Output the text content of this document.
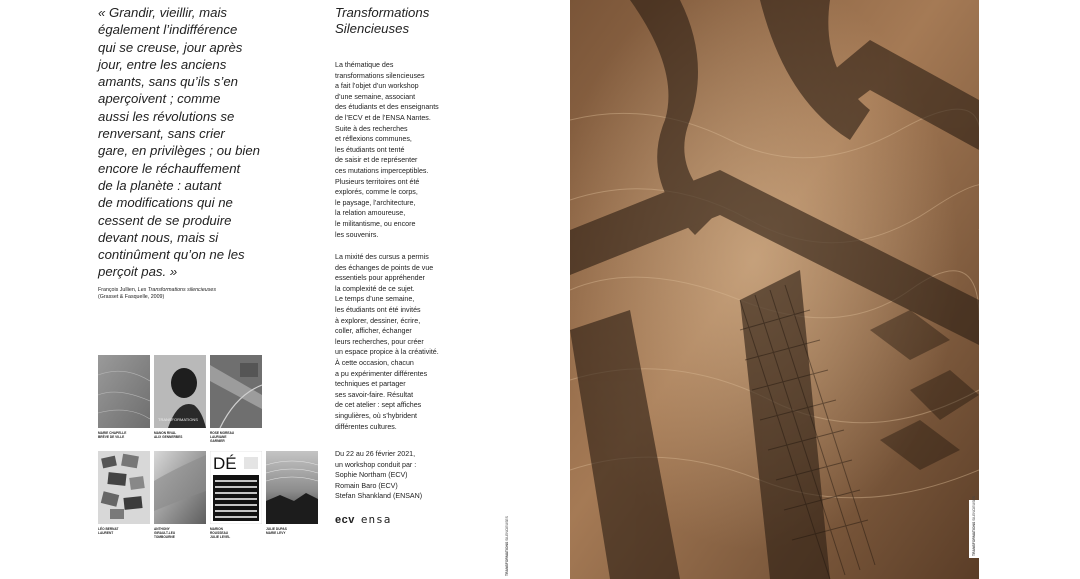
« Grandir, vieillir, mais
également l’indifférence
qui se creuse, jour après
jour, entre les anciens
amants, sans qu’ils s’en
aperçoivent ; comme
aussi les révolutions se
renversant, sans crier
gare, en privilèges ; ou bien
encore le réchauffement
de la planète : autant
de modifications qui ne
cessent de se produire
devant nous, mais si
continûment qu’on ne les
perçoit pas. »
François Jullien, Les Transformations silencieuses
(Grasset & Fasquelle, 2009)
Transformations
Silencieuses
La thématique des
transformations silencieuses
a fait l’objet d’un workshop
d’une semaine, associant
des étudiants et des enseignants
de l’ECV et de l’ENSA Nantes.
Suite à des recherches
et réflexions communes,
les étudiants ont tenté
de saisir et de représenter
ces mutations imperceptibles.
Plusieurs territoires ont été
explorés, comme le corps,
le paysage, l’architecture,
la relation amoureuse,
le militantisme, ou encore
les souvenirs.
La mixité des cursus a permis
des échanges de points de vue
essentiels pour appréhender
la complexité de ce sujet.
Le temps d’une semaine,
les étudiants ont été invités
à explorer, dessiner, écrire,
coller, afficher, échanger
leurs recherches, pour créer
un espace propice à la créativité.
À cette occasion, chacun
a pu expérimenter différentes
techniques et partager
ses savoir-faire. Résultat
de cet atelier : sept affiches
singulières, où s’hybrident
différentes cultures.
Du 22 au 26 février 2021,
un workshop conduit par :
Sophie Northam (ECV)
Romain Baro (ECV)
Stefan Shankland (ENSAN)
ecv ensa
TRANSFORMATIONS
DÉ
MARIE CHAPELLE
BRÈVE DE VILLE
MANON RIVAL
ALIX GENNERBES
ROSE MOREAU
LAURIANE
GARNIER
LÉO BERNAT
LAURENT
ANTHONY
GIRAULT-LEU
TOMBOURNE
MARION
ROUSSEAU
JULIE LEVEL
JULIE DUPAS
MARIE LEVY
TRANSFORMATIONS SILENCIEUSES	TRANSFORMATIONS SILENCIEUSES
